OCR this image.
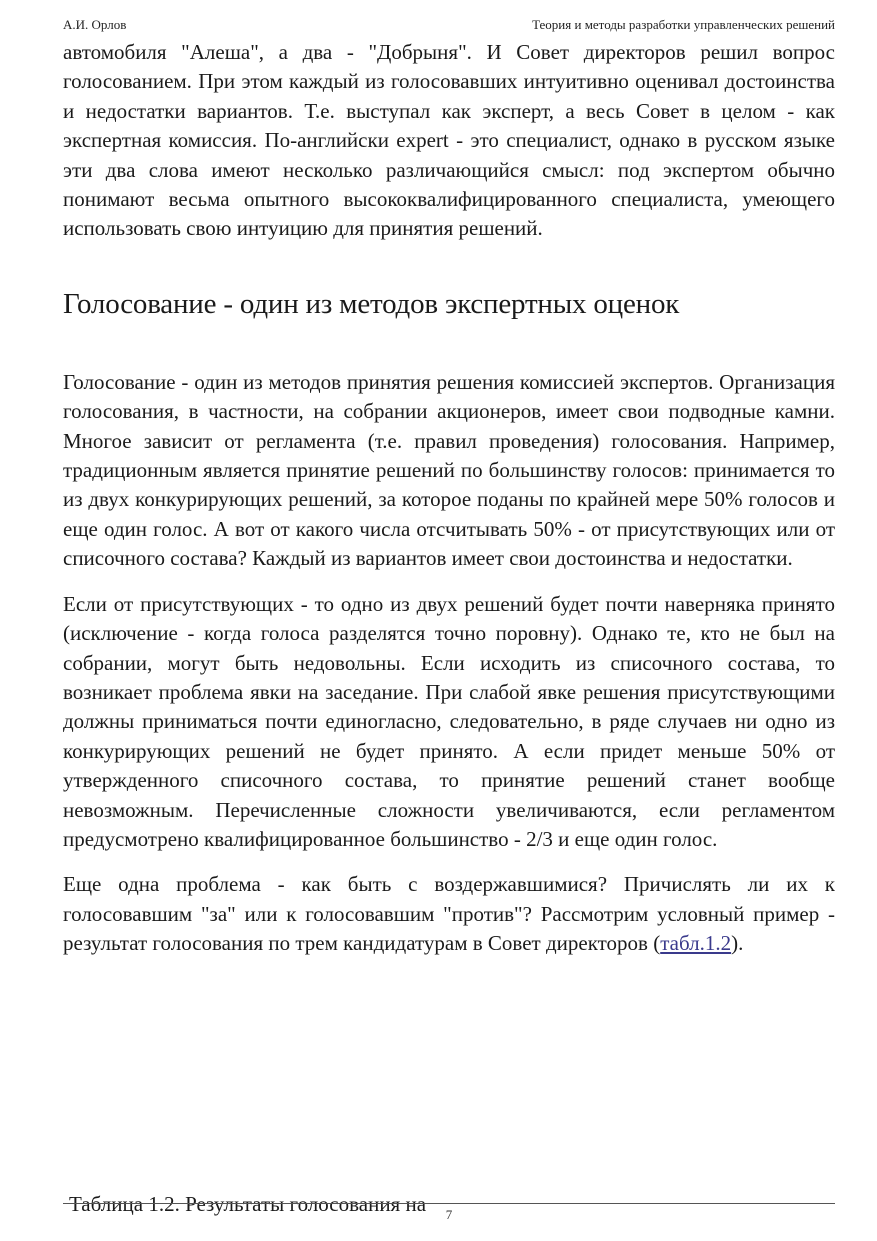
А.И. Орлов	Теория и методы разработки управленческих решений

автомобиля "Алеша", а два - "Добрыня". И Совет директоров решил вопрос голосованием. При этом каждый из голосовавших интуитивно оценивал достоинства и недостатки вариантов. Т.е. выступал как эксперт, а весь Совет в целом - как экспертная комиссия. По-английски expert - это специалист, однако в русском языке эти два слова имеют несколько различающийся смысл: под экспертом обычно понимают весьма опытного высококвалифицированного специалиста, умеющего использовать свою интуицию для принятия решений.

Голосование - один из методов экспертных оценок

Голосование - один из методов принятия решения комиссией экспертов. Организация голосования, в частности, на собрании акционеров, имеет свои подводные камни. Многое зависит от регламента (т.е. правил проведения) голосования. Например, традиционным является принятие решений по большинству голосов: принимается то из двух конкурирующих решений, за которое поданы по крайней мере 50% голосов и еще один голос. А вот от какого числа отсчитывать 50% - от присутствующих или от списочного состава? Каждый из вариантов имеет свои достоинства и недостатки.

Если от присутствующих - то одно из двух решений будет почти наверняка принято (исключение - когда голоса разделятся точно поровну). Однако те, кто не был на собрании, могут быть недовольны. Если исходить из списочного состава, то возникает проблема явки на заседание. При слабой явке решения присутствующими должны приниматься почти единогласно, следовательно, в ряде случаев ни одно из конкурирующих решений не будет принято. А если придет меньше 50% от утвержденного списочного состава, то принятие решений станет вообще невозможным. Перечисленные сложности увеличиваются, если регламентом предусмотрено квалифицированное большинство - 2/3 и еще один голос.

Еще одна проблема - как быть с воздержавшимися? Причислять ли их к голосовавшим "за" или к голосовавшим "против"? Рассмотрим условный пример - результат голосования по трем кандидатурам в Совет директоров (табл.1.2).

Таблица 1.2. Результаты голосования на	7
